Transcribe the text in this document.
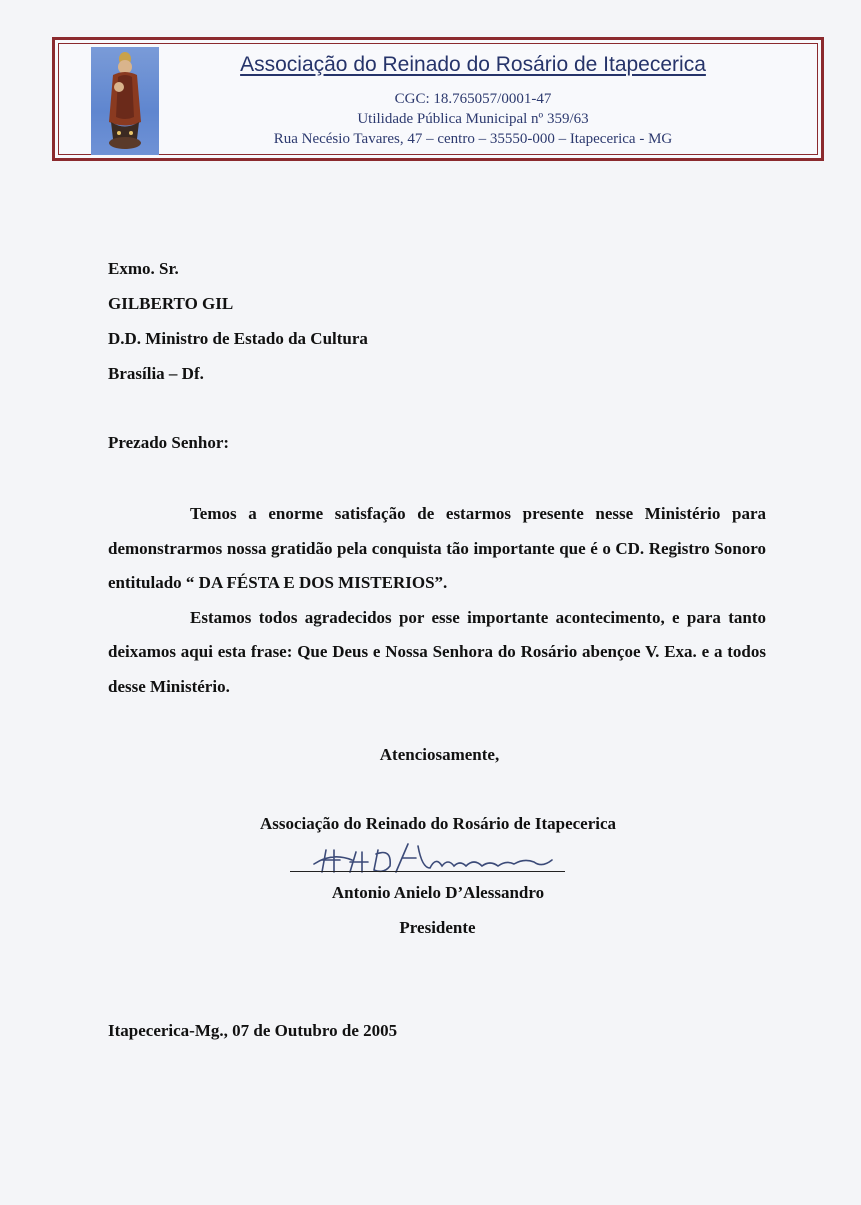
Associação do Reinado do Rosário de Itapecerica
CGC: 18.765057/0001-47
Utilidade Pública Municipal nº 359/63
Rua Necésio Tavares, 47 – centro – 35550-000 – Itapecerica - MG
Exmo. Sr.
GILBERTO GIL
D.D. Ministro de Estado da Cultura
Brasília – Df.
Prezado Senhor:

Temos a enorme satisfação de estarmos presente nesse Ministério para demonstrarmos nossa gratidão pela conquista tão importante que é o CD. Registro Sonoro entitulado “ DA FÉSTA E DOS MISTERIOS”.

Estamos todos agradecidos por esse importante acontecimento, e para tanto deixamos aqui esta frase: Que Deus e Nossa Senhora do Rosário abençoe V. Exa. e a todos desse Ministério.

Atenciosamente,
Associação do Reinado do Rosário de Itapecerica
Antonio Anielo D’Alessandro
Presidente
Itapecerica-Mg., 07 de Outubro de 2005
